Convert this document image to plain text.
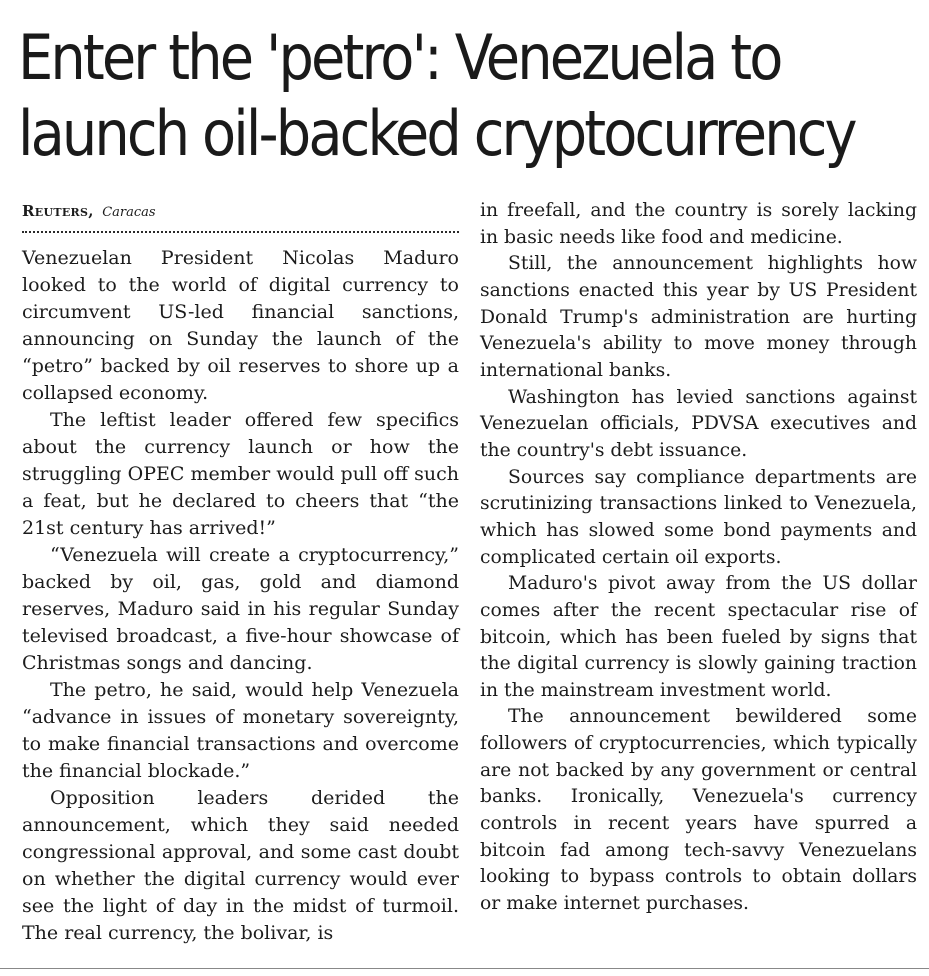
Enter the 'petro': Venezuela to
launch oil-backed cryptocurrency
Reuters, Caracas

Venezuelan President Nicolas Maduro looked to the world of digital currency to circumvent US-led financial sanctions, announcing on Sunday the launch of the “petro” backed by oil reserves to shore up a collapsed economy.

The leftist leader offered few specifics about the currency launch or how the struggling OPEC member would pull off such a feat, but he declared to cheers that “the 21st century has arrived!”

“Venezuela will create a cryptocurrency,” backed by oil, gas, gold and diamond reserves, Maduro said in his regular Sunday televised broadcast, a five-hour showcase of Christmas songs and dancing.

The petro, he said, would help Venezuela “advance in issues of monetary sovereignty, to make financial transactions and overcome the financial blockade.”

Opposition leaders derided the announcement, which they said needed congressional approval, and some cast doubt on whether the digital currency would ever see the light of day in the midst of turmoil. The real currency, the bolivar, is

in freefall, and the country is sorely lacking in basic needs like food and medicine.

Still, the announcement highlights how sanctions enacted this year by US President Donald Trump's administration are hurting Venezuela's ability to move money through international banks.

Washington has levied sanctions against Venezuelan officials, PDVSA executives and the country's debt issuance.

Sources say compliance departments are scrutinizing transactions linked to Venezuela, which has slowed some bond payments and complicated certain oil exports.

Maduro's pivot away from the US dollar comes after the recent spectacular rise of bitcoin, which has been fueled by signs that the digital currency is slowly gaining traction in the mainstream investment world.

The announcement bewildered some followers of cryptocurrencies, which typically are not backed by any government or central banks. Ironically, Venezuela's currency controls in recent years have spurred a bitcoin fad among tech-savvy Venezuelans looking to bypass controls to obtain dollars or make internet purchases.
